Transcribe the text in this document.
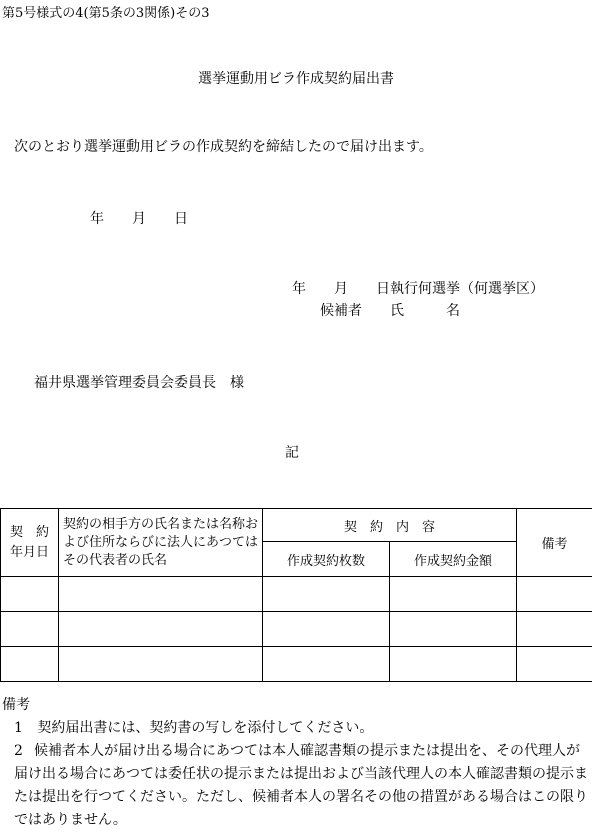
第5号様式の4(第5条の3関係)その3
選挙運動用ビラ作成契約届出書
次のとおり選挙運動用ビラの作成契約を締結したので届け出ます。
年　　月　　日
年　　月　　日執行何選挙（何選挙区）
候補者　　氏　　　名
福井県選挙管理委員会委員長　様
記
契　約
年月日	契約の相手方の氏名または名称および住所ならびに法人にあつてはその代表者の氏名	契　約　内　容		備考
		作成契約枚数	作成契約金額	

備考
1 契約届出書には、契約書の写しを添付してください。
2 候補者本人が届け出る場合にあつては本人確認書類の提示または提出を、その代理人が届け出る場合にあつては委任状の提示または提出および当該代理人の本人確認書類の提示または提出を行つてください。ただし、候補者本人の署名その他の措置がある場合はこの限りではありません。
